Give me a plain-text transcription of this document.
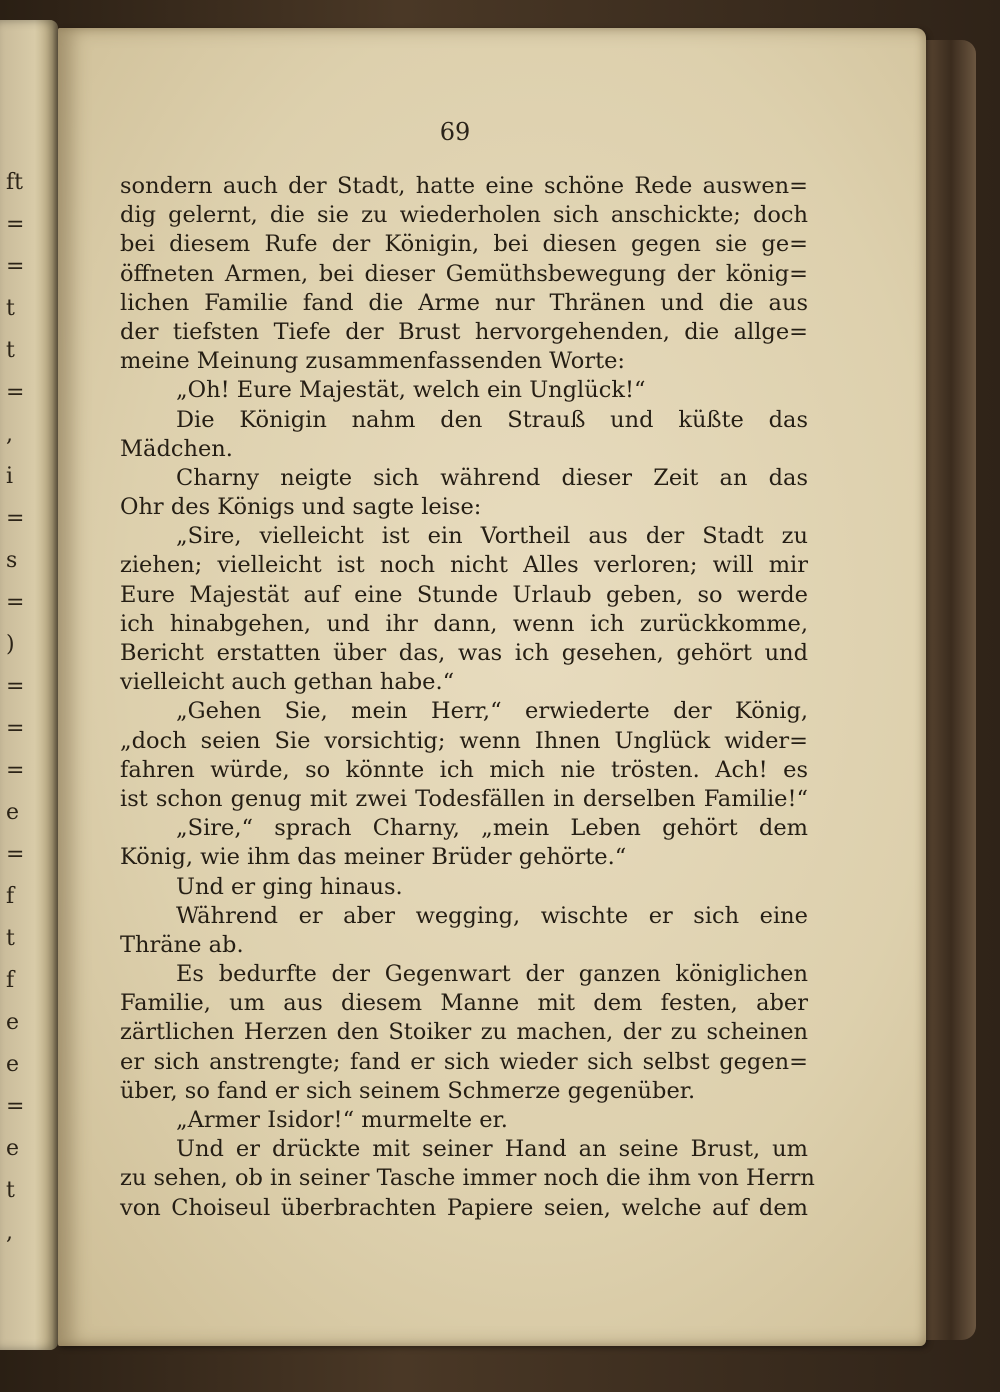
ft
=
=
t
t
=
,
i
=
s
=
)
=
=
=
e
=
f
t
f
e
e
=
e
t
,
69
sondern auch der Stadt, hatte eine schöne Rede auswen=
dig gelernt, die sie zu wiederholen sich anschickte; doch
bei diesem Rufe der Königin, bei diesen gegen sie ge=
öffneten Armen, bei dieser Gemüthsbewegung der könig=
lichen Familie fand die Arme nur Thränen und die aus
der tiefsten Tiefe der Brust hervorgehenden, die allge=
meine Meinung zusammenfassenden Worte:
„Oh! Eure Majestät, welch ein Unglück!“
Die Königin nahm den Strauß und küßte das
Mädchen.
Charny neigte sich während dieser Zeit an das
Ohr des Königs und sagte leise:
„Sire, vielleicht ist ein Vortheil aus der Stadt zu
ziehen; vielleicht ist noch nicht Alles verloren; will mir
Eure Majestät auf eine Stunde Urlaub geben, so werde
ich hinabgehen, und ihr dann, wenn ich zurückkomme,
Bericht erstatten über das, was ich gesehen, gehört und
vielleicht auch gethan habe.“
„Gehen Sie, mein Herr,“ erwiederte der König,
„doch seien Sie vorsichtig; wenn Ihnen Unglück wider=
fahren würde, so könnte ich mich nie trösten. Ach! es
ist schon genug mit zwei Todesfällen in derselben Familie!“
„Sire,“ sprach Charny, „mein Leben gehört dem
König, wie ihm das meiner Brüder gehörte.“
Und er ging hinaus.
Während er aber wegging, wischte er sich eine
Thräne ab.
Es bedurfte der Gegenwart der ganzen königlichen
Familie, um aus diesem Manne mit dem festen, aber
zärtlichen Herzen den Stoiker zu machen, der zu scheinen
er sich anstrengte; fand er sich wieder sich selbst gegen=
über, so fand er sich seinem Schmerze gegenüber.
„Armer Isidor!“ murmelte er.
Und er drückte mit seiner Hand an seine Brust, um
zu sehen, ob in seiner Tasche immer noch die ihm von Herrn
von Choiseul überbrachten Papiere seien, welche auf dem
